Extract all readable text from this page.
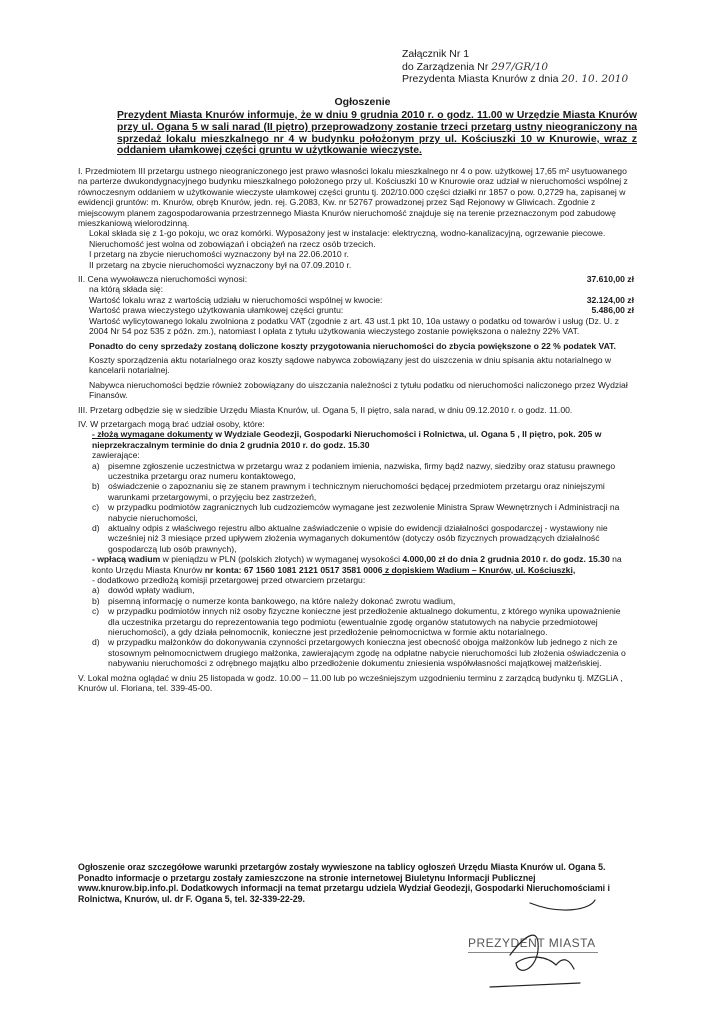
Załącznik Nr 1
do Zarządzenia Nr 297/GR/10
Prezydenta Miasta Knurów z dnia 20. 10. 2010
Ogłoszenie
Prezydent Miasta Knurów informuje, że w dniu 9 grudnia 2010 r. o godz. 11.00 w Urzędzie Miasta Knurów przy ul. Ogana 5 w sali narad (II piętro) przeprowadzony zostanie trzeci przetarg ustny nieograniczony na sprzedaż lokalu mieszkalnego nr 4 w budynku położonym przy ul. Kościuszki 10 w Knurowie, wraz z oddaniem ułamkowej części gruntu w użytkowanie wieczyste.

I. Przedmiotem III przetargu ustnego nieograniczonego jest prawo własności lokalu mieszkalnego nr 4 o pow. użytkowej 17,65 m² usytuowanego na parterze dwukondygnacyjnego budynku mieszkalnego położonego przy ul. Kościuszki 10 w Knurowie oraz udział w nieruchomości wspólnej z równoczesnym oddaniem w użytkowanie wieczyste ułamkowej części gruntu tj. 202/10.000 części działki nr 1857 o pow. 0,2729 ha, zapisanej w ewidencji gruntów: m. Knurów, obręb Knurów, jedn. rej. G.2083, Kw. nr 52767 prowadzonej przez Sąd Rejonowy w Gliwicach. Zgodnie z miejscowym planem zagospodarowania przestrzennego Miasta Knurów nieruchomość znajduje się na terenie przeznaczonym pod zabudowę mieszkaniową wielorodzinną.

Lokal składa się z 1-go pokoju, wc oraz komórki. Wyposażony jest w instalacje: elektryczną, wodno-kanalizacyjną, ogrzewanie piecowe.

Nieruchomość jest wolna od zobowiązań i obciążeń na rzecz osób trzecich.

I przetarg na zbycie nieruchomości wyznaczony był na 22.06.2010 r.

II przetarg na zbycie nieruchomości wyznaczony był na 07.09.2010 r.

II. Cena wywoławcza nieruchomości wynosi:	37.610,00 zł

na którą składa się:

Wartość lokalu wraz z wartością udziału w nieruchomości wspólnej w kwocie:	32.124,00 zł
Wartość prawa wieczystego użytkowania ułamkowej części gruntu:	5.486,00 zł

Wartość wylicytowanego lokalu zwolniona z podatku VAT (zgodnie z art. 43 ust.1 pkt 10, 10a ustawy o podatku od towarów i usług (Dz. U. z 2004 Nr 54 poz 535 z późn. zm.), natomiast I opłata z tytułu użytkowania wieczystego zostanie powiększona o należny 22% VAT.

Ponadto do ceny sprzedaży zostaną doliczone koszty przygotowania nieruchomości do zbycia powiększone o 22 % podatek VAT.

Koszty sporządzenia aktu notarialnego oraz koszty sądowe nabywca zobowiązany jest do uiszczenia w dniu spisania aktu notarialnego w kancelarii notarialnej.

Nabywca nieruchomości będzie również zobowiązany do uiszczania należności z tytułu podatku od nieruchomości naliczonego przez Wydział Finansów.

III. Przetarg odbędzie się w siedzibie Urzędu Miasta Knurów, ul. Ogana 5, II piętro, sala narad, w dniu 09.12.2010 r. o godz. 11.00.

IV. W przetargach mogą brać udział osoby, które:

- złożą wymagane dokumenty w Wydziale Geodezji, Gospodarki Nieruchomości i Rolnictwa, ul. Ogana 5 , II piętro, pok. 205 w nieprzekraczalnym terminie do dnia 2 grudnia 2010 r. do godz. 15.30

zawierające:

a) pisemne zgłoszenie uczestnictwa w przetargu wraz z podaniem imienia, nazwiska, firmy bądź nazwy, siedziby oraz statusu prawnego uczestnika przetargu oraz numeru kontaktowego,
b) oświadczenie o zapoznaniu się ze stanem prawnym i technicznym nieruchomości będącej przedmiotem przetargu oraz niniejszymi warunkami przetargowymi, o przyjęciu bez zastrzeżeń,
c)	w przypadku podmiotów zagranicznych lub cudzoziemców wymagane jest zezwolenie Ministra Spraw Wewnętrznych i Administracji na nabycie nieruchomości,
d) aktualny odpis z właściwego rejestru albo aktualne zaświadczenie o wpisie do ewidencji działalności gospodarczej - wystawiony nie wcześniej niż 3 miesiące przed upływem złożenia wymaganych dokumentów (dotyczy osób fizycznych prowadzących działalność gospodarczą lub osób prawnych),

- wpłacą wadium w pieniądzu w PLN (polskich złotych) w wymaganej wysokości 4.000,00 zł do dnia 2 grudnia 2010 r. do godz. 15.30 na konto Urzędu Miasta Knurów nr konta: 67 1560 1081 2121 0517 3581 0006 z dopiskiem Wadium – Knurów, ul. Kościuszki,

- dodatkowo przedłożą komisji przetargowej przed otwarciem przetargu:

a) dowód wpłaty wadium,
b) pisemną informację o numerze konta bankowego, na które należy dokonać zwrotu wadium,
c)	w przypadku podmiotów innych niż osoby fizyczne konieczne jest przedłożenie aktualnego dokumentu, z którego wynika upoważnienie dla uczestnika przetargu do reprezentowania tego podmiotu (ewentualnie zgodę organów statutowych na nabycie przedmiotowej nieruchomości), a gdy działa pełnomocnik, konieczne jest przedłożenie pełnomocnictwa w formie aktu notarialnego.
d) w przypadku małżonków do dokonywania czynności przetargowych konieczna jest obecność obojga małżonków lub jednego z nich ze stosownym pełnomocnictwem drugiego małżonka, zawierającym zgodę na odpłatne nabycie nieruchomości lub złożenia oświadczenia o nabywaniu nieruchomości z odrębnego majątku albo przedłożenie dokumentu zniesienia współwłasności majątkowej małżeńskiej.

V. Lokal można oglądać w dniu 25 listopada w godz. 10.00 – 11.00 lub po wcześniejszym uzgodnieniu terminu z zarządcą budynku tj. MZGLiA , Knurów ul. Floriana, tel. 339-45-00.

Ogłoszenie oraz szczegółowe warunki przetargów zostały wywieszone na tablicy ogłoszeń Urzędu Miasta Knurów ul. Ogana 5. Ponadto informacje o przetargu zostały zamieszczone na stronie internetowej Biuletynu Informacji Publicznej www.knurow.bip.info.pl. Dodatkowych informacji na temat przetargu udziela Wydział Geodezji, Gospodarki Nieruchomościami i Rolnictwa, Knurów, ul. dr F. Ogana 5, tel. 32-339-22-29.
PREZYDENT MIASTA
